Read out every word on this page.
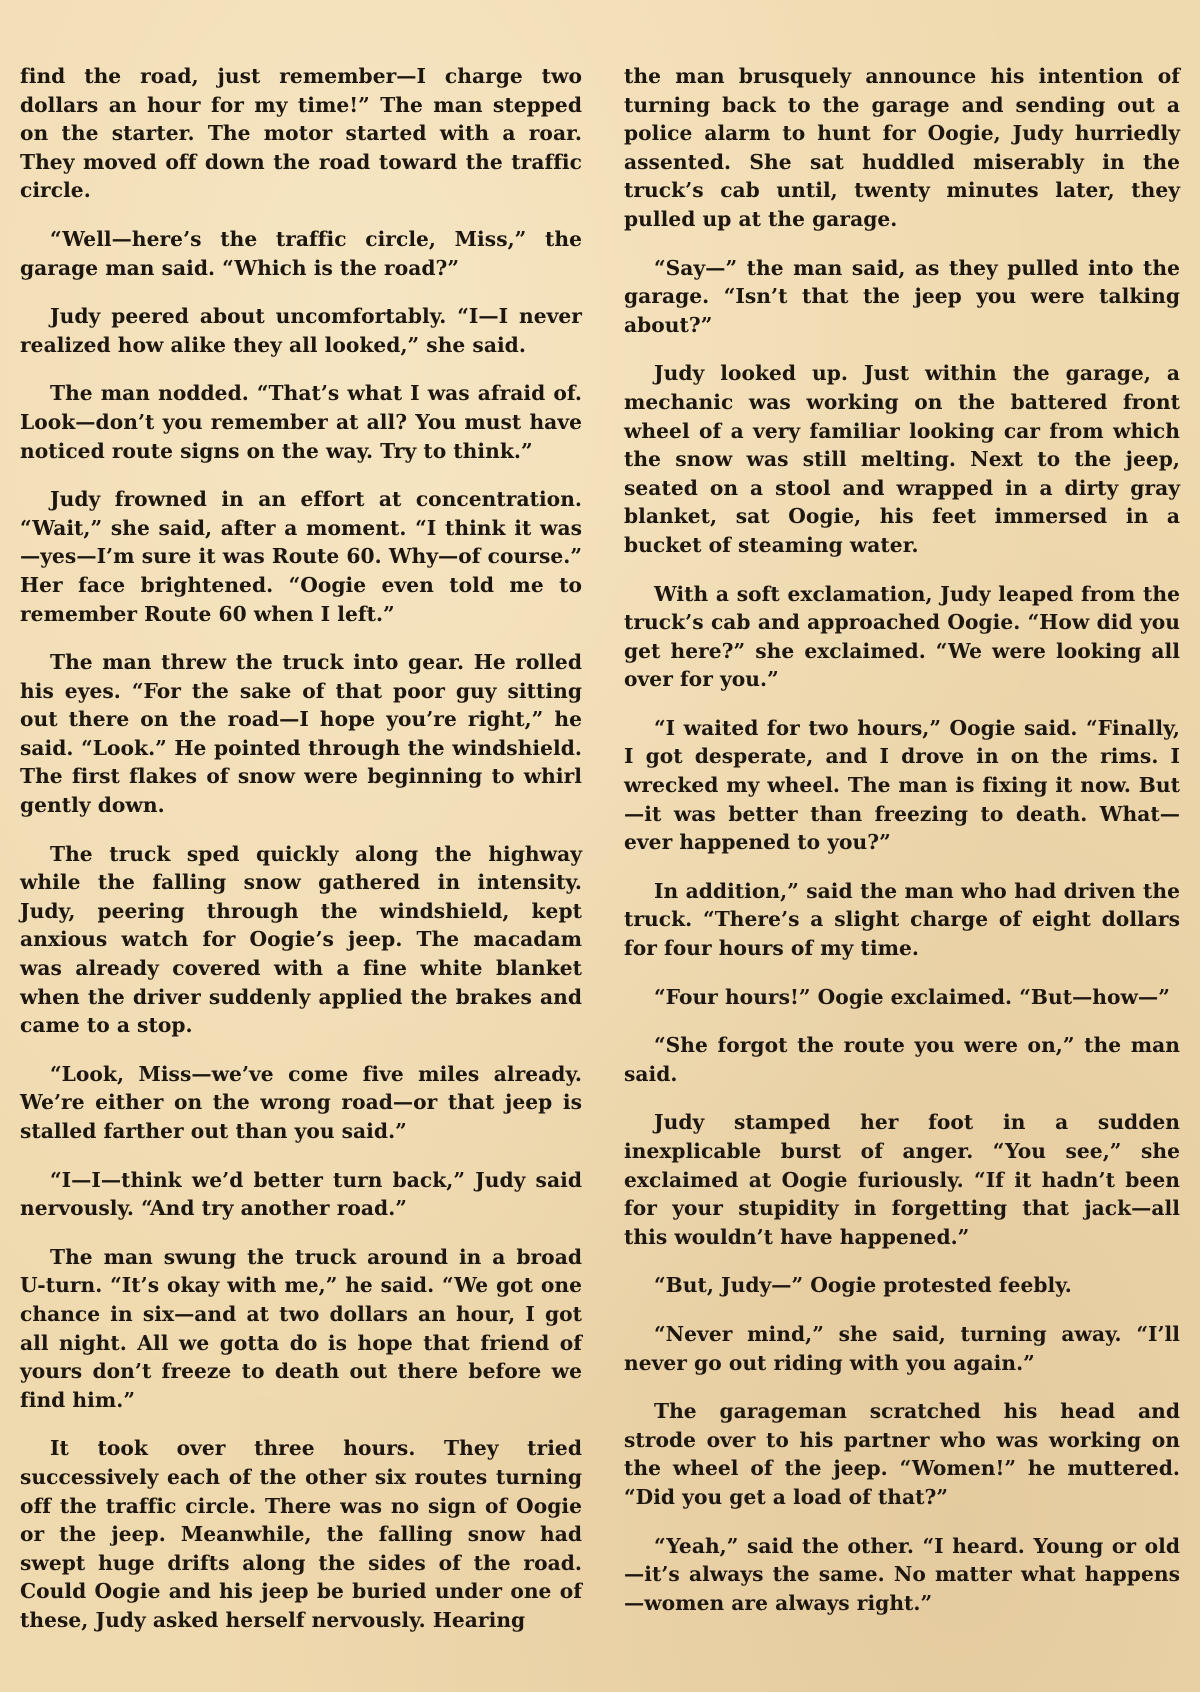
find the road, just remember—I charge two dollars an hour for my time!” The man stepped on the starter. The motor started with a roar. They moved off down the road toward the traffic circle.

“Well—here’s the traffic circle, Miss,” the garage man said. “Which is the road?”

Judy peered about uncomfortably. “I—I never realized how alike they all looked,” she said.

The man nodded. “That’s what I was afraid of. Look—don’t you remember at all? You must have noticed route signs on the way. Try to think.”

Judy frowned in an effort at concentration. “Wait,” she said, after a moment. “I think it was—yes—I’m sure it was Route 60. Why—of course.” Her face brightened. “Oogie even told me to remember Route 60 when I left.”

The man threw the truck into gear. He rolled his eyes. “For the sake of that poor guy sitting out there on the road—I hope you’re right,” he said. “Look.” He pointed through the windshield. The first flakes of snow were beginning to whirl gently down.

The truck sped quickly along the highway while the falling snow gathered in intensity. Judy, peering through the windshield, kept anxious watch for Oogie’s jeep. The macadam was already covered with a fine white blanket when the driver suddenly applied the brakes and came to a stop.

“Look, Miss—we’ve come five miles already. We’re either on the wrong road—or that jeep is stalled farther out than you said.”

“I—I—think we’d better turn back,” Judy said nervously. “And try another road.”

The man swung the truck around in a broad U-turn. “It’s okay with me,” he said. “We got one chance in six—and at two dollars an hour, I got all night. All we gotta do is hope that friend of yours don’t freeze to death out there before we find him.”

It took over three hours. They tried successively each of the other six routes turning off the traffic circle. There was no sign of Oogie or the jeep. Meanwhile, the falling snow had swept huge drifts along the sides of the road. Could Oogie and his jeep be buried under one of these, Judy asked herself nervously. Hearing

the man brusquely announce his intention of turning back to the garage and sending out a police alarm to hunt for Oogie, Judy hurriedly assented. She sat huddled miserably in the truck’s cab until, twenty minutes later, they pulled up at the garage.

“Say—” the man said, as they pulled into the garage. “Isn’t that the jeep you were talking about?”

Judy looked up. Just within the garage, a mechanic was working on the battered front wheel of a very familiar looking car from which the snow was still melting. Next to the jeep, seated on a stool and wrapped in a dirty gray blanket, sat Oogie, his feet immersed in a bucket of steaming water.

With a soft exclamation, Judy leaped from the truck’s cab and approached Oogie. “How did you get here?” she exclaimed. “We were looking all over for you.”

“I waited for two hours,” Oogie said. “Finally, I got desperate, and I drove in on the rims. I wrecked my wheel. The man is fixing it now. But—it was better than freezing to death. What—ever happened to you?”

In addition,” said the man who had driven the truck. “There’s a slight charge of eight dollars for four hours of my time.

“Four hours!” Oogie exclaimed. “But—how—”

“She forgot the route you were on,” the man said.

Judy stamped her foot in a sudden inexplicable burst of anger. “You see,” she exclaimed at Oogie furiously. “If it hadn’t been for your stupidity in forgetting that jack—all this wouldn’t have happened.”

“But, Judy—” Oogie protested feebly.

“Never mind,” she said, turning away. “I’ll never go out riding with you again.”

The garageman scratched his head and strode over to his partner who was working on the wheel of the jeep. “Women!” he muttered. “Did you get a load of that?”

“Yeah,” said the other. “I heard. Young or old—it’s always the same. No matter what happens—women are always right.”
